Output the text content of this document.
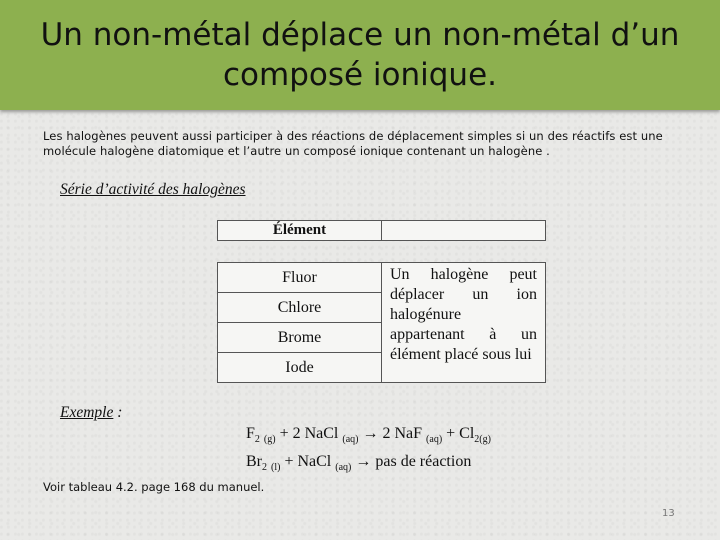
Un non-métal déplace un non-métal d’un
composé ionique.
Les halogènes peuvent aussi participer à des réactions de déplacement simples si un des réactifs est une molécule halogène diatomique et l’autre un composé ionique contenant un halogène .
Série d’activité des halogènes
Élément	
Fluor	Un halogène peut déplacer un ion halogénure appartenant à un élément placé sous lui
Chlore
Brome
Iode
Exemple :
$F_2$ $_{(g)}$ + 2 NaCl $_{(aq)}$ → 2 NaF $_{(aq)} + Cl_{2(g)}$
$Br_2$ $_{(l)}$ + NaCl $_{(aq)}$ → pas de réaction
Voir tableau 4.2. page 168 du manuel.
13
